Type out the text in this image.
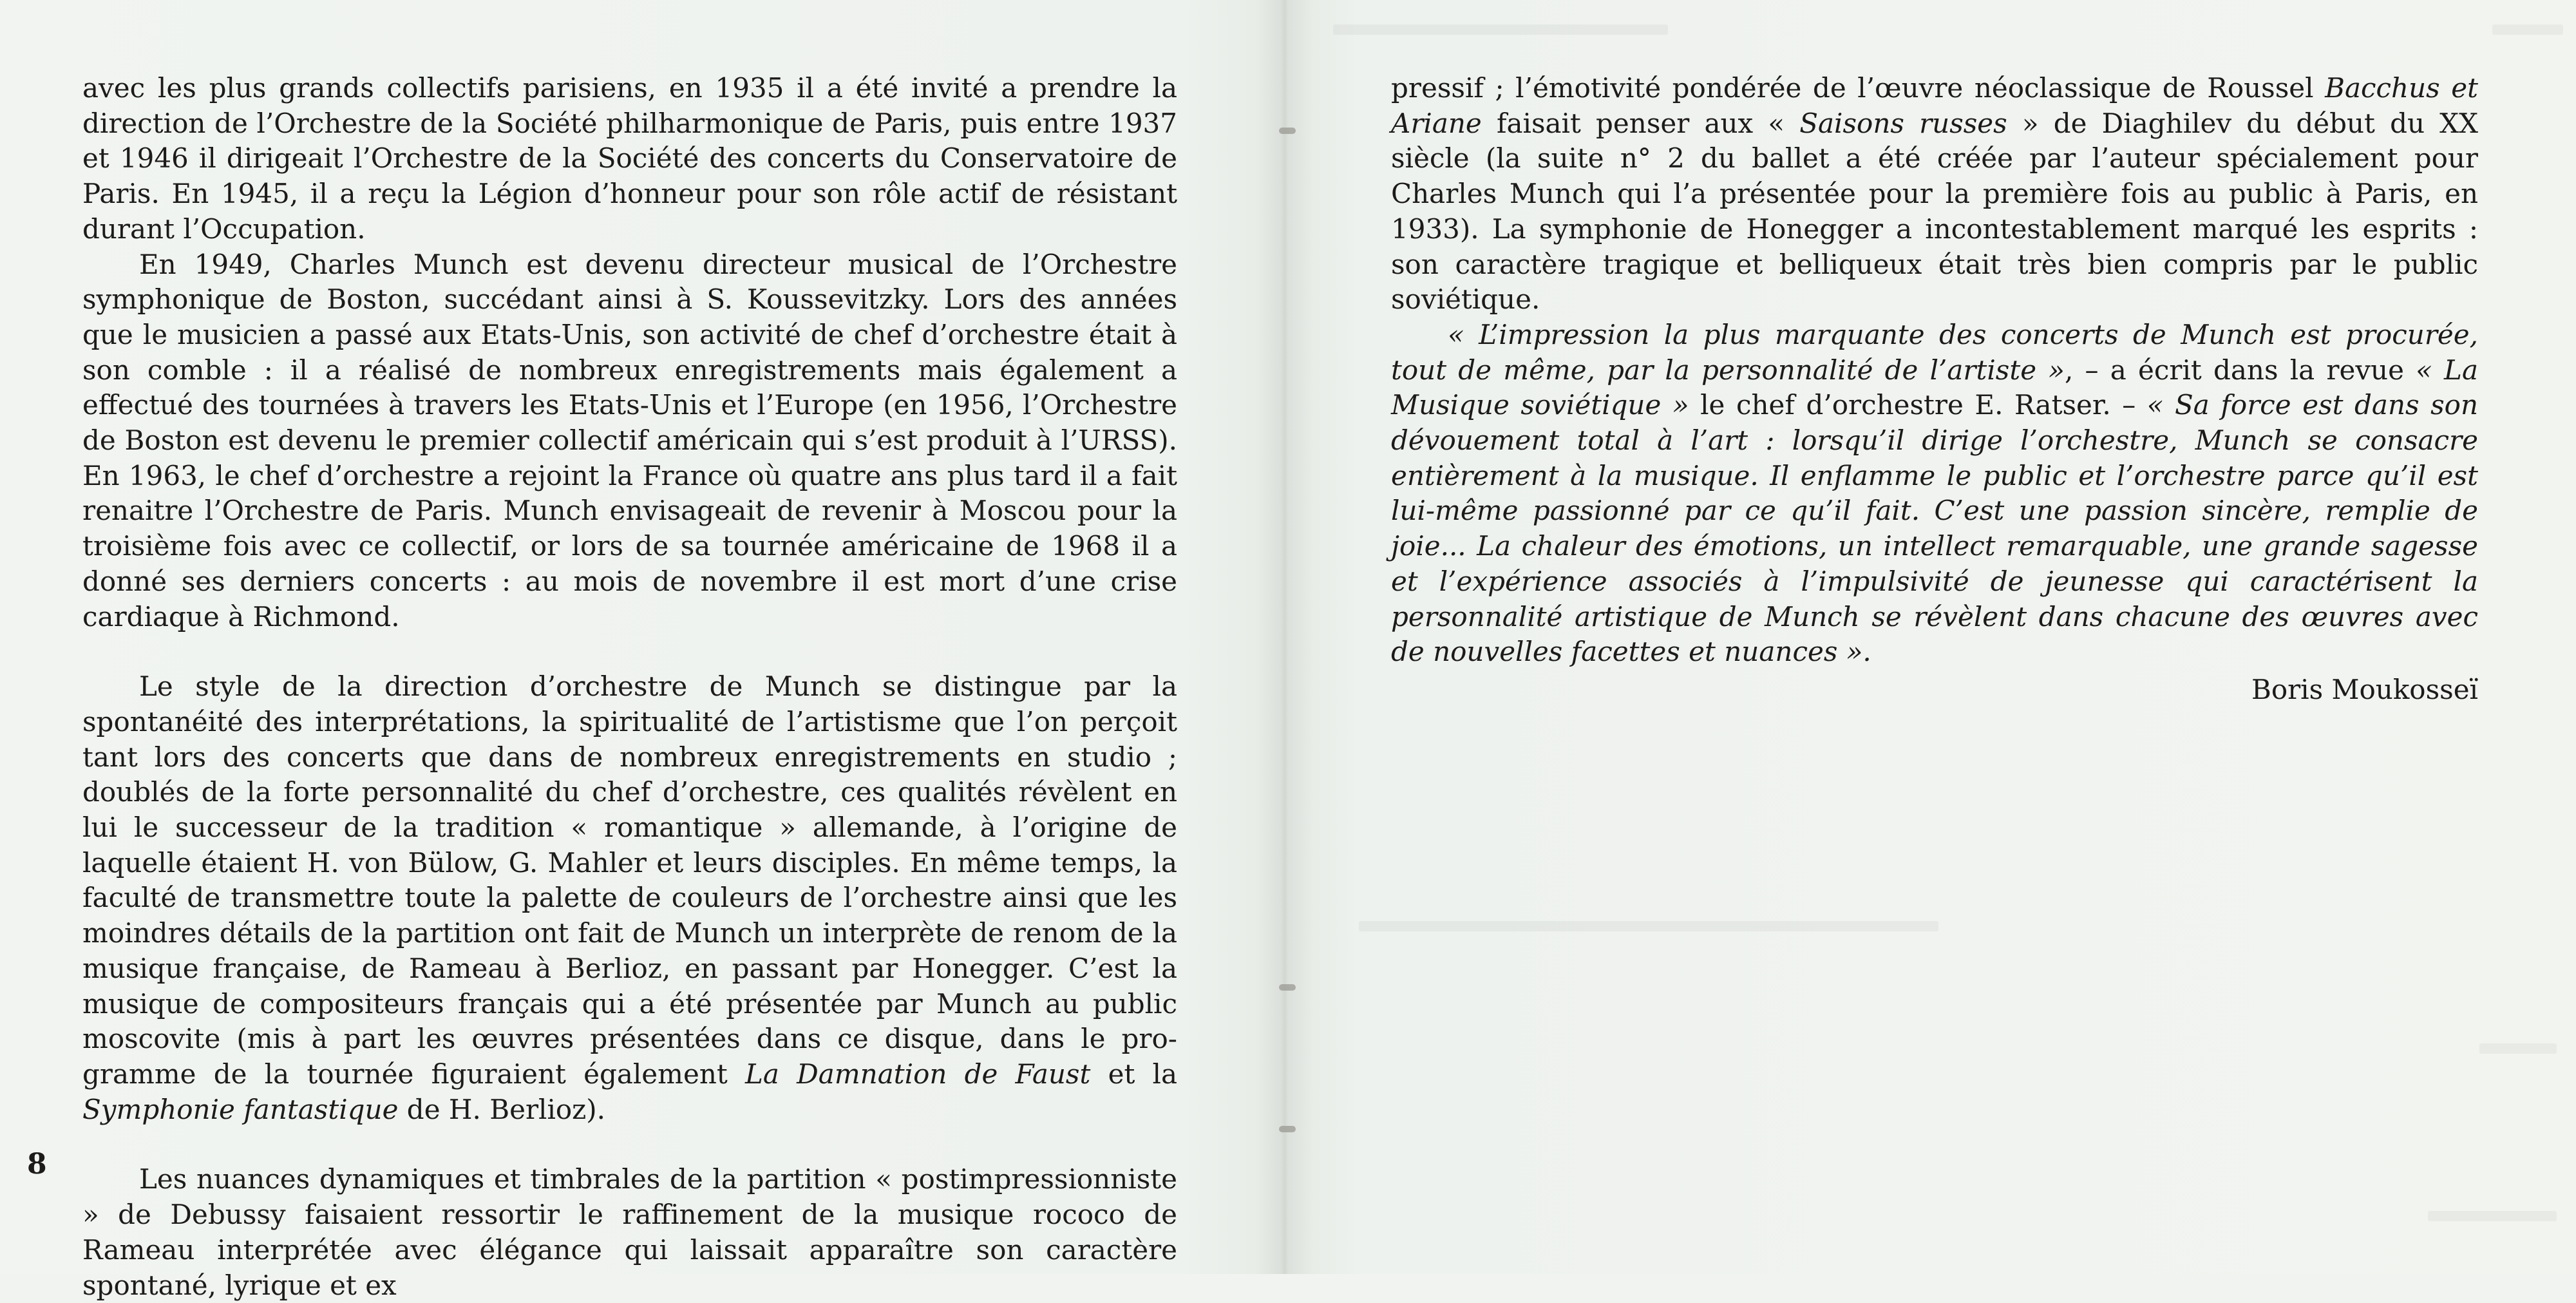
avec les plus grands collectifs parisiens, en 1935 il a été invité a prendre la direction de l’Orchestre de la Société philharmonique de Paris, puis entre 1937 et 1946 il dirigeait l’Orchestre de la Société des concerts du Conservatoire de Paris. En 1945, il a reçu la Légion d’honneur pour son rôle actif de résistant durant l’Occupation.

En 1949, Charles Munch est devenu directeur musical de l’Orchestre symphonique de Boston, succédant ainsi à S. Koussevitzky. Lors des années que le musicien a passé aux Etats-Unis, son activité de chef d’orchestre était à son comble : il a réalisé de nombreux enregistrements mais également a effectué des tournées à travers les Etats-Unis et l’Europe (en 1956, l’Orchestre de Boston est devenu le premier collectif américain qui s’est produit à l’URSS). En 1963, le chef d’orchestre a rejoint la France où quatre ans plus tard il a fait renaitre l’Orchestre de Paris. Munch envisageait de revenir à Moscou pour la troisième fois avec ce collectif, or lors de sa tournée américaine de 1968 il a donné ses derniers concerts : au mois de novembre il est mort d’une crise cardiaque à Richmond.

Le style de la direction d’orchestre de Munch se distingue par la spontanéité des interprétations, la spiritualité de l’artistisme que l’on perçoit tant lors des concerts que dans de nombreux enregistrements en studio ; doublés de la forte personnalité du chef d’orchestre, ces qualités révèlent en lui le successeur de la tradition « romantique » allemande, à l’origine de laquelle étaient H. von Bülow, G. Mahler et leurs disciples. En même temps, la faculté de transmettre toute la palette de couleurs de l’orchestre ainsi que les moindres détails de la partition ont fait de Munch un interprète de renom de la musique française, de Rameau à Berlioz, en passant par Honegger. C’est la musique de compositeurs français qui a été présentée par Munch au public moscovite (mis à part les œuvres présentées dans ce disque, dans le programme de la tournée figuraient également La Damnation de Faust et la Symphonie fantastique de H. Berlioz).

Les nuances dynamiques et timbrales de la partition « postimpressionniste » de Debussy faisaient ressortir le raffinement de la musique rococo de Rameau interprétée avec élégance qui laissait apparaître son caractère spontané, lyrique et ex

8

pressif ; l’émotivité pondérée de l’œuvre néoclassique de Roussel Bacchus et Ariane faisait penser aux « Saisons russes » de Diaghilev du début du XX siècle (la suite n° 2 du ballet a été créée par l’auteur spécialement pour Charles Munch qui l’a présentée pour la première fois au public à Paris, en 1933). La symphonie de Honegger a incontestablement marqué les esprits : son caractère tragique et belliqueux était très bien compris par le public soviétique.

« L’impression la plus marquante des concerts de Munch est procurée, tout de même, par la personnalité de l’artiste », – a écrit dans la revue « La Musique soviétique » le chef d’orchestre E. Ratser. – « Sa force est dans son dévouement total à l’art : lorsqu’il dirige l’orchestre, Munch se consacre entièrement à la musique. Il enflamme le public et l’orchestre parce qu’il est lui-même passionné par ce qu’il fait. C’est une passion sincère, remplie de joie... La chaleur des émotions, un intellect remarquable, une grande sagesse et l’expérience associés à l’impulsivité de jeunesse qui caractérisent la personnalité artistique de Munch se révèlent dans chacune des œuvres avec de nouvelles facettes et nuances ».

Boris Moukosseï
